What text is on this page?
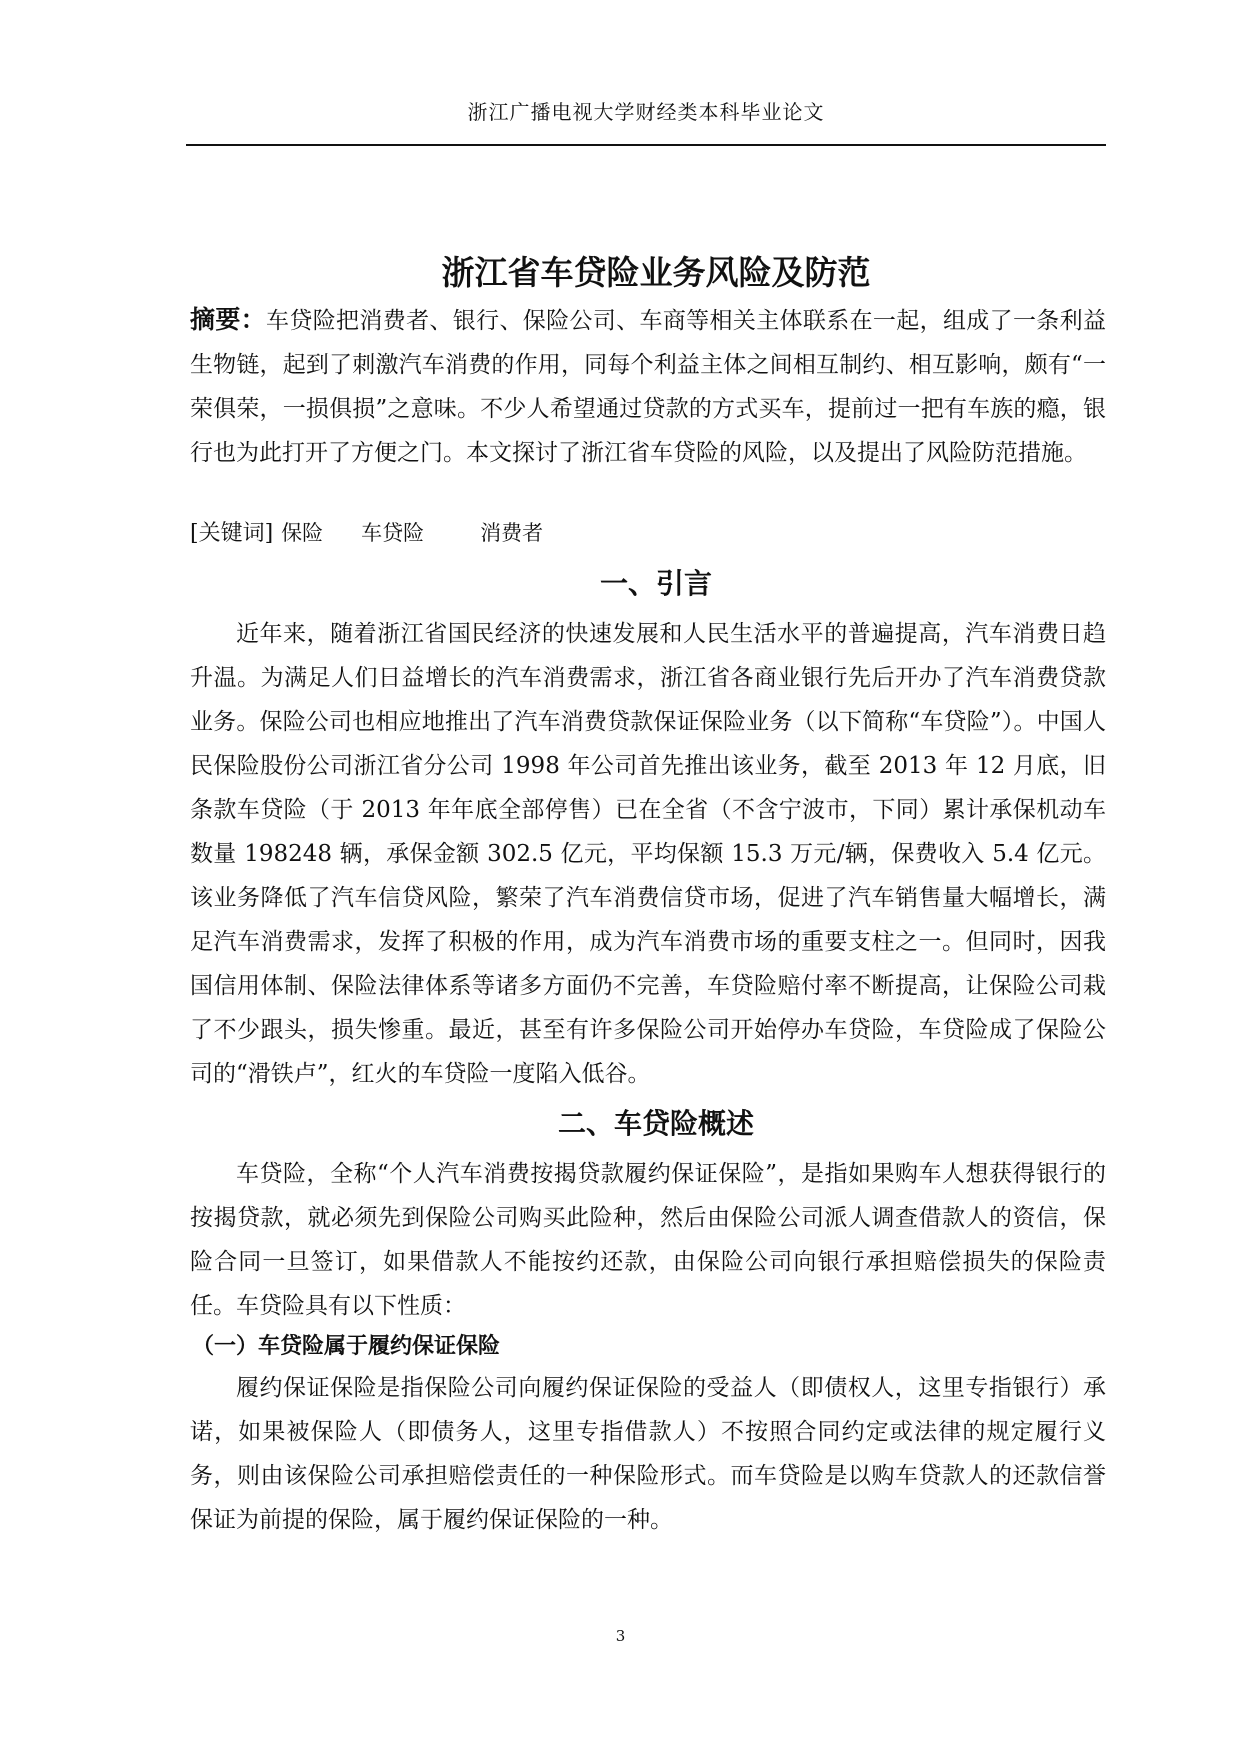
浙江广播电视大学财经类本科毕业论文
浙江省车贷险业务风险及防范

摘要：车贷险把消费者、银行、保险公司、车商等相关主体联系在一起，组成了一条利益生物链，起到了刺激汽车消费的作用，同每个利益主体之间相互制约、相互影响，颇有“一荣俱荣，一损俱损”之意味。不少人希望通过贷款的方式买车，提前过一把有车族的瘾，银行也为此打开了方便之门。本文探讨了浙江省车贷险的风险，以及提出了风险防范措施。

[关键词] 保险 车贷险	消费者
一、引言

近年来，随着浙江省国民经济的快速发展和人民生活水平的普遍提高，汽车消费日趋升温。为满足人们日益增长的汽车消费需求，浙江省各商业银行先后开办了汽车消费贷款业务。保险公司也相应地推出了汽车消费贷款保证保险业务（以下简称“车贷险”）。中国人民保险股份公司浙江省分公司 1998 年公司首先推出该业务，截至 2013 年 12 月底，旧条款车贷险（于 2013 年年底全部停售）已在全省（不含宁波市，下同）累计承保机动车数量 198248 辆，承保金额 302.5 亿元，平均保额 15.3 万元/辆，保费收入 5.4 亿元。该业务降低了汽车信贷风险，繁荣了汽车消费信贷市场，促进了汽车销售量大幅增长，满足汽车消费需求，发挥了积极的作用，成为汽车消费市场的重要支柱之一。但同时，因我国信用体制、保险法律体系等诸多方面仍不完善，车贷险赔付率不断提高，让保险公司栽了不少跟头，损失惨重。最近，甚至有许多保险公司开始停办车贷险，车贷险成了保险公司的“滑铁卢”，红火的车贷险一度陷入低谷。

二、车贷险概述

车贷险，全称“个人汽车消费按揭贷款履约保证保险”，是指如果购车人想获得银行的按揭贷款，就必须先到保险公司购买此险种，然后由保险公司派人调查借款人的资信，保险合同一旦签订，如果借款人不能按约还款，由保险公司向银行承担赔偿损失的保险责任。车贷险具有以下性质：

（一）车贷险属于履约保证保险

履约保证保险是指保险公司向履约保证保险的受益人（即债权人，这里专指银行）承诺，如果被保险人（即债务人，这里专指借款人）不按照合同约定或法律的规定履行义务，则由该保险公司承担赔偿责任的一种保险形式。而车贷险是以购车贷款人的还款信誉保证为前提的保险，属于履约保证保险的一种。

3
